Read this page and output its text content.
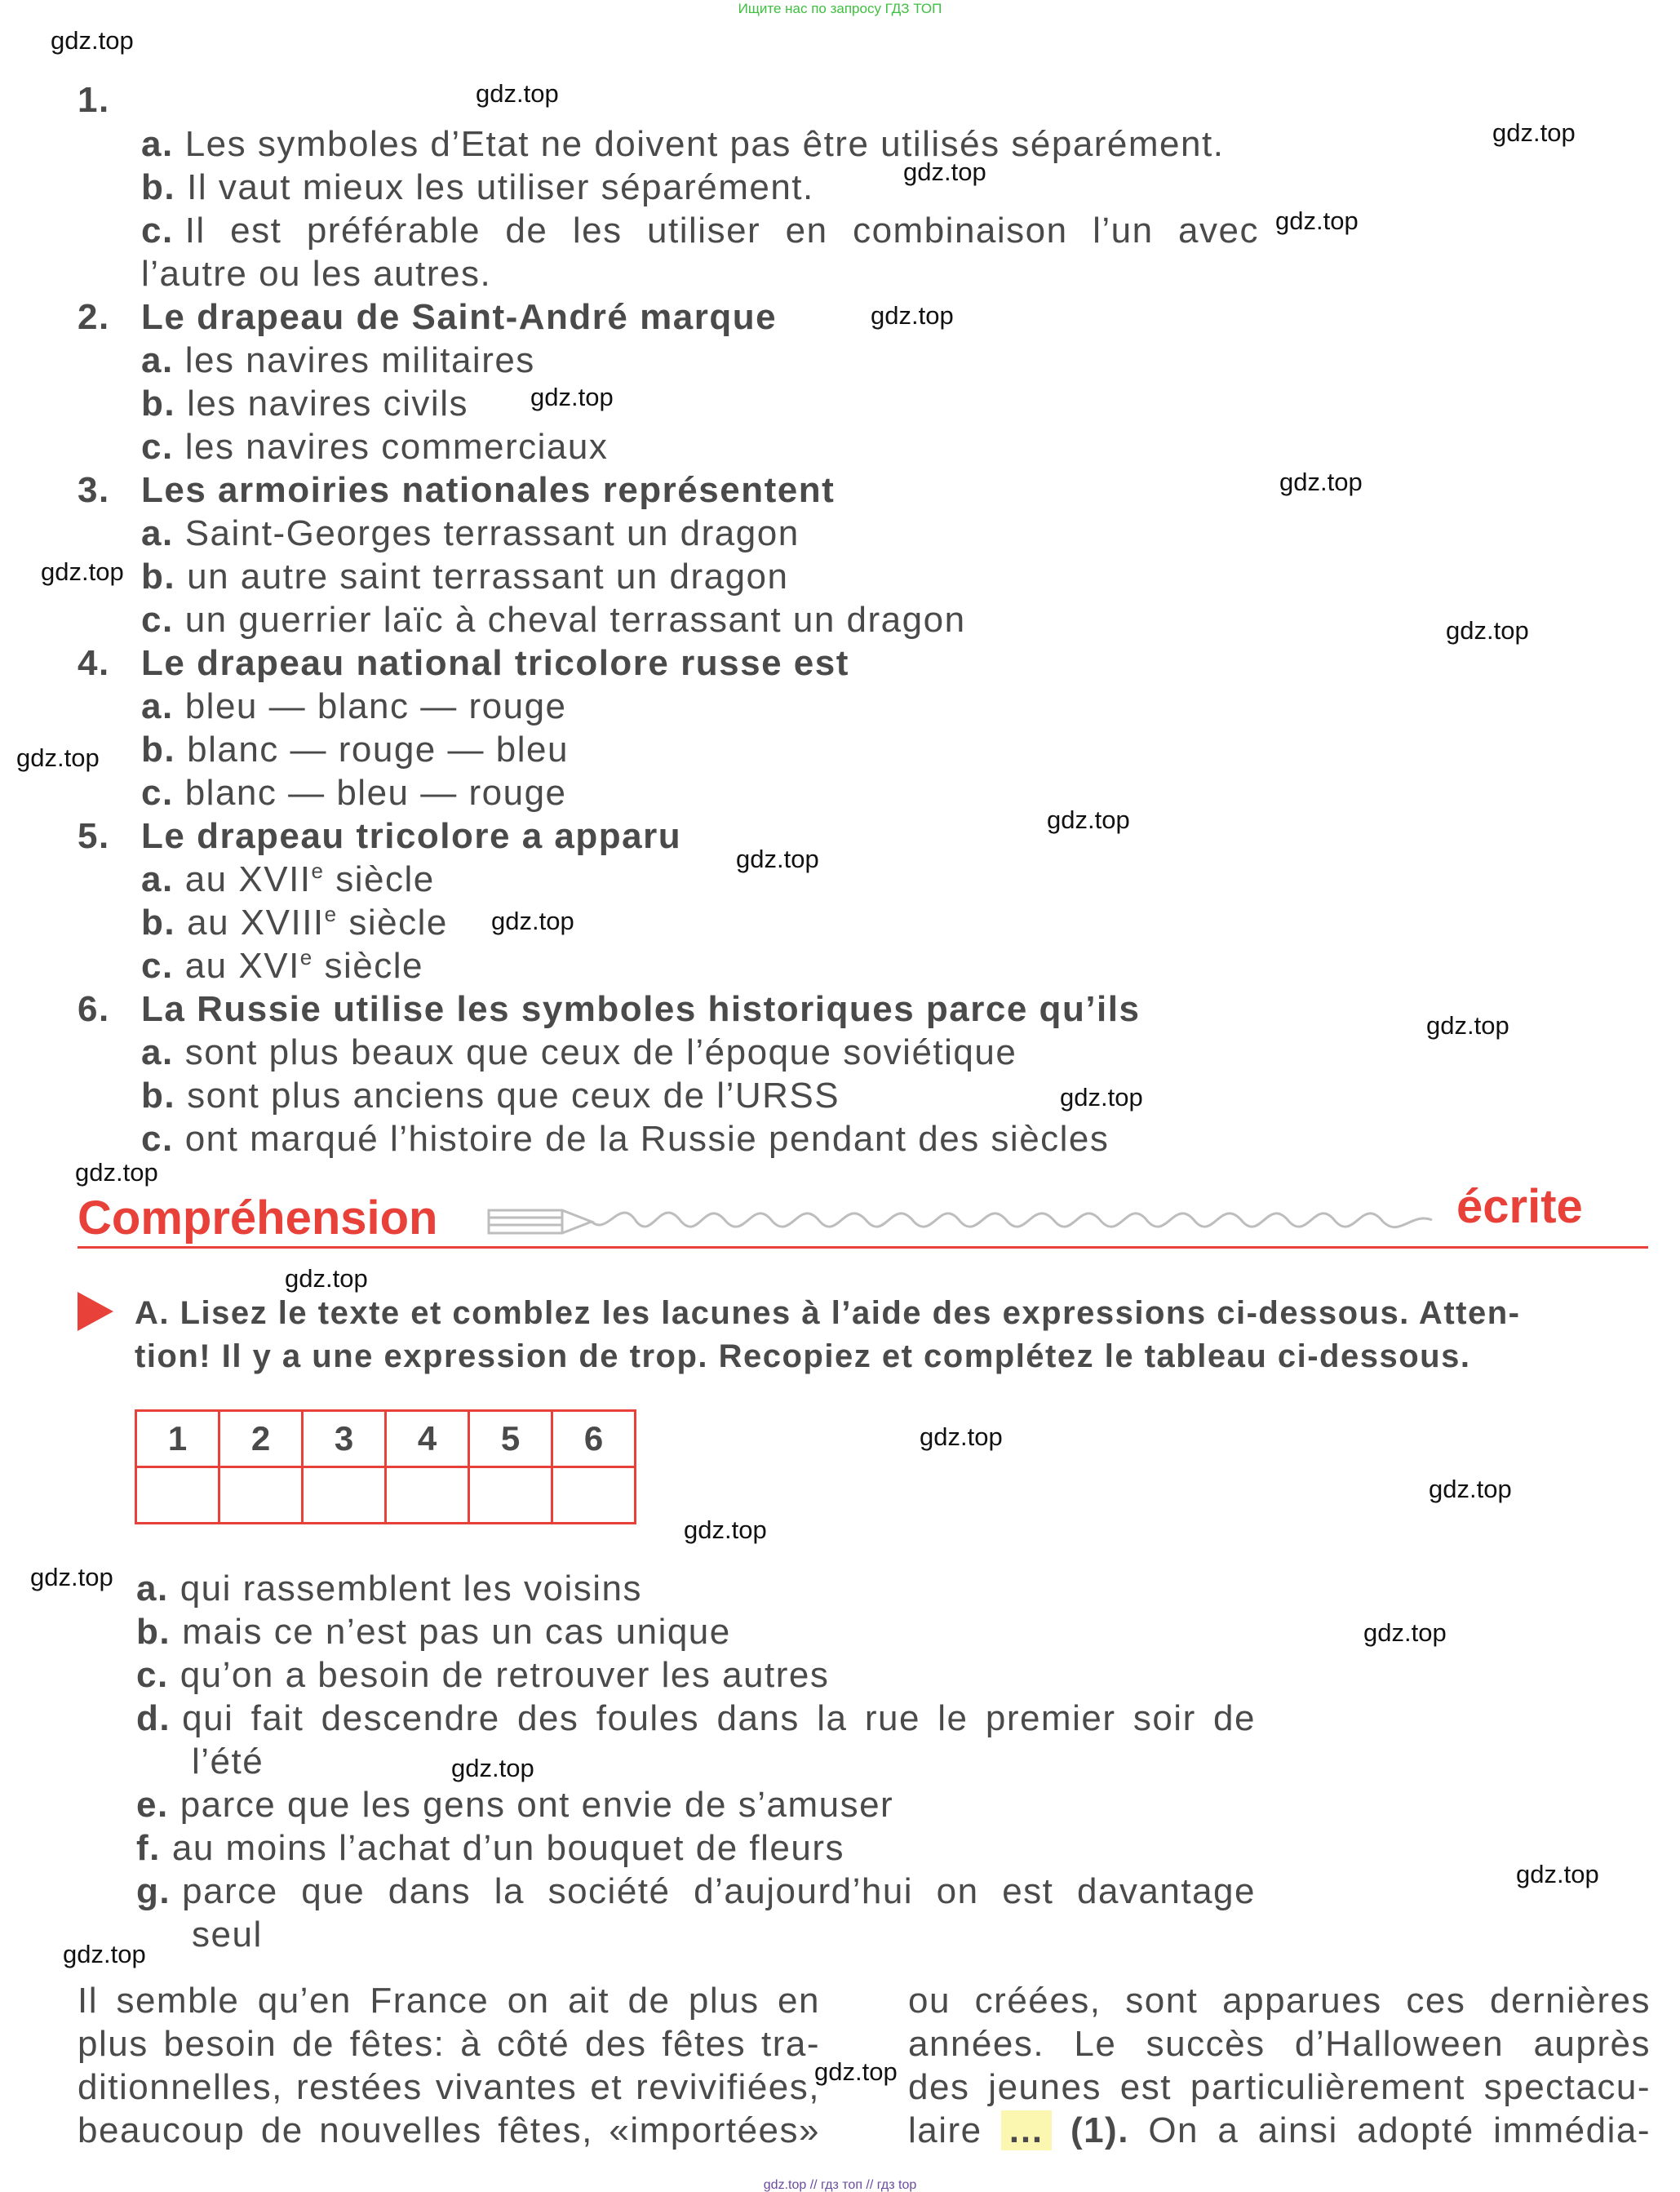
Ищите нас по запросу ГДЗ ТОП
gdz.top // гдз топ // гдз top
1.
a. Les symboles d’Etat ne doivent pas être utilisés séparément.
b. Il vaut mieux les utiliser séparément.
c. Il est préférable de les utiliser en combinaison l’un avec
l’autre ou les autres.
2. Le drapeau de Saint-André marque
a. les navires militaires
b. les navires civils
c. les navires commerciaux
3. Les armoiries nationales représentent
a. Saint-Georges terrassant un dragon
b. un autre saint terrassant un dragon
c. un guerrier laïc à cheval terrassant un dragon
4. Le drapeau national tricolore russe est
a. bleu — blanc — rouge
b. blanc — rouge — bleu
c. blanc — bleu — rouge
5. Le drapeau tricolore a apparu
a. au XVIIe siècle
b. au XVIIIe siècle
c. au XVIe siècle
6. La Russie utilise les symboles historiques parce qu’ils
a. sont plus beaux que ceux de l’époque soviétique
b. sont plus anciens que ceux de l’URSS
c. ont marqué l’histoire de la Russie pendant des siècles
Compréhension	écrite
A. Lisez le texte et comblez les lacunes à l’aide des expressions ci-dessous. Atten-
tion! Il y a une expression de trop. Recopiez et complétez le tableau ci-dessous.
1	2	3	4	5	6

a. qui rassemblent les voisins
b. mais ce n’est pas un cas unique
c. qu’on a besoin de retrouver les autres
d. qui fait descendre des foules dans la rue le premier soir de
l’été
e. parce que les gens ont envie de s’amuser
f. au moins l’achat d’un bouquet de fleurs
g. parce que dans la société d’aujourd’hui on est davantage
seul
Il semble qu’en France on ait de plus en
plus besoin de fêtes: à côté des fêtes tra-
ditionnelles, restées vivantes et revivifiées,
beaucoup de nouvelles fêtes, «importées»
ou créées, sont apparues ces dernières
années. Le succès d’Halloween auprès
des jeunes est particulièrement spectacu-
laire … (1). On a ainsi adopté immédia-
gdz.top
gdz.top
gdz.top
gdz.top
gdz.top
gdz.top
gdz.top
gdz.top
gdz.top
gdz.top
gdz.top
gdz.top
gdz.top
gdz.top
gdz.top
gdz.top
gdz.top
gdz.top
gdz.top
gdz.top
gdz.top
gdz.top
gdz.top
gdz.top
gdz.top
gdz.top
gdz.top
